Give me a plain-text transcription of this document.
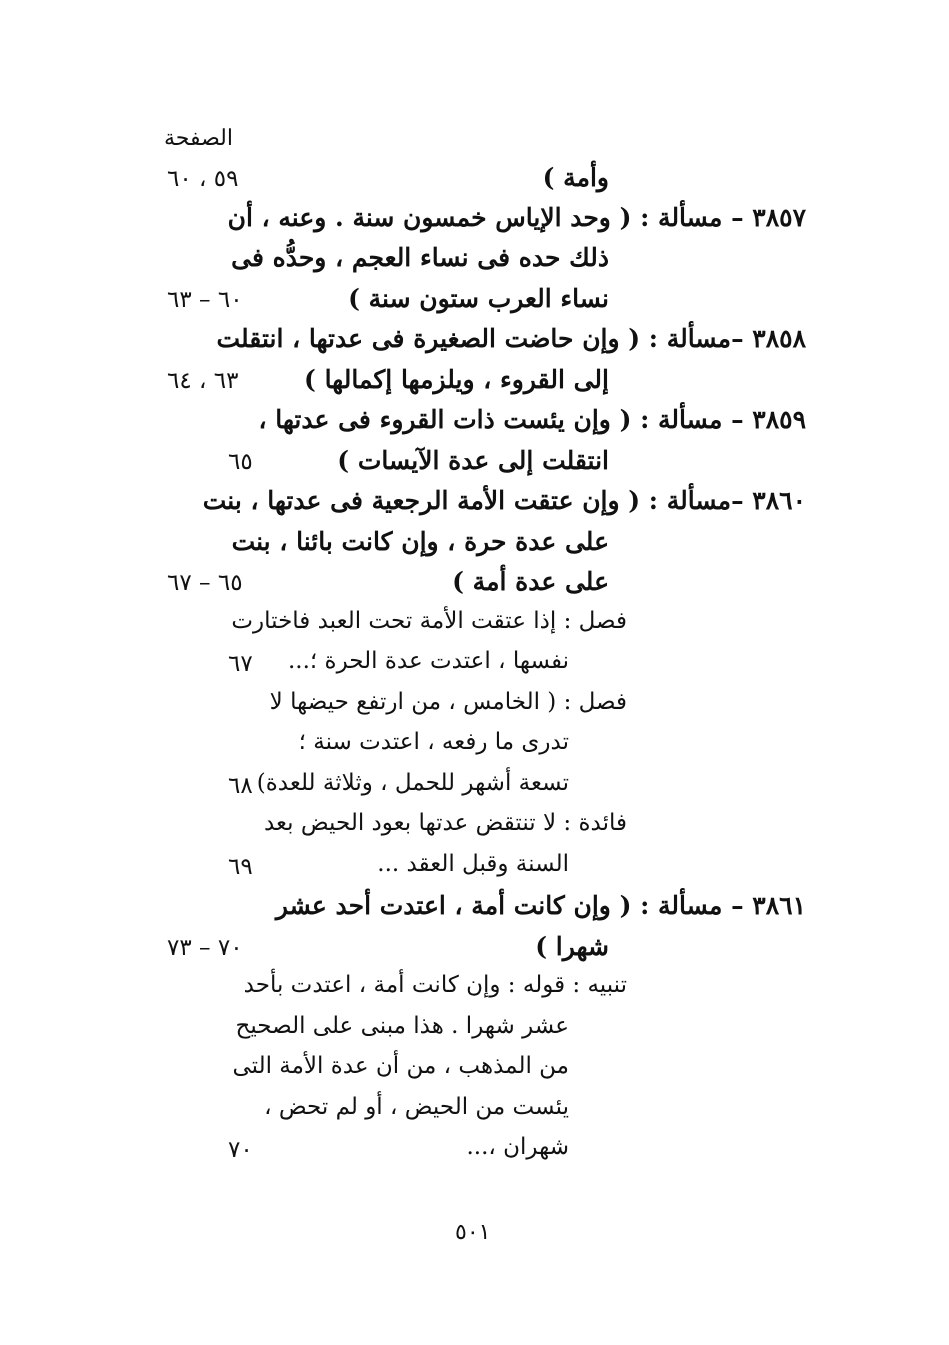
الصفحة
وأمة )
٣٨٥٧ – مسألة : ( وحد الإياس خمسون سنة . وعنه ، أن
ذلك حده فى نساء العجم ، وحدُّه فى
نساء العرب ستون سنة )
٣٨٥٨ –مسألة : ( وإن حاضت الصغيرة فى عدتها ، انتقلت
إلى القروء ، ويلزمها إكمالها )
٣٨٥٩ – مسألة : ( وإن يئست ذات القروء فى عدتها ،
انتقلت إلى عدة الآيسات )
٣٨٦٠ –مسألة : ( وإن عتقت الأمة الرجعية فى عدتها ، بنت
على عدة حرة ، وإن كانت بائنا ، بنت
على عدة أمة )
فصل : إذا عتقت الأمة تحت العبد فاختارت
نفسها ، اعتدت عدة الحرة ؛...
فصل : ( الخامس ، من ارتفع حيضها لا
تدرى ما رفعه ، اعتدت سنة ؛
تسعة أشهر للحمل ، وثلاثة للعدة)
فائدة : لا تنتقض عدتها بعود الحيض بعد
السنة وقبل العقد ...
٣٨٦١ – مسألة : ( وإن كانت أمة ، اعتدت أحد عشر
شهرا )
تنبيه : قوله : وإن كانت أمة ، اعتدت بأحد
عشر شهرا . هذا مبنى على الصحيح
من المذهب ، من أن عدة الأمة التى
يئست من الحيض ، أو لم تحض ،
شهران ،...
٥٩ ، ٦٠
٦٠ – ٦٣
٦٣ ، ٦٤
٦٥
٦٥ – ٦٧
٦٧
٦٨
٦٩
٧٠ – ٧٣
٧٠
٥٠١
